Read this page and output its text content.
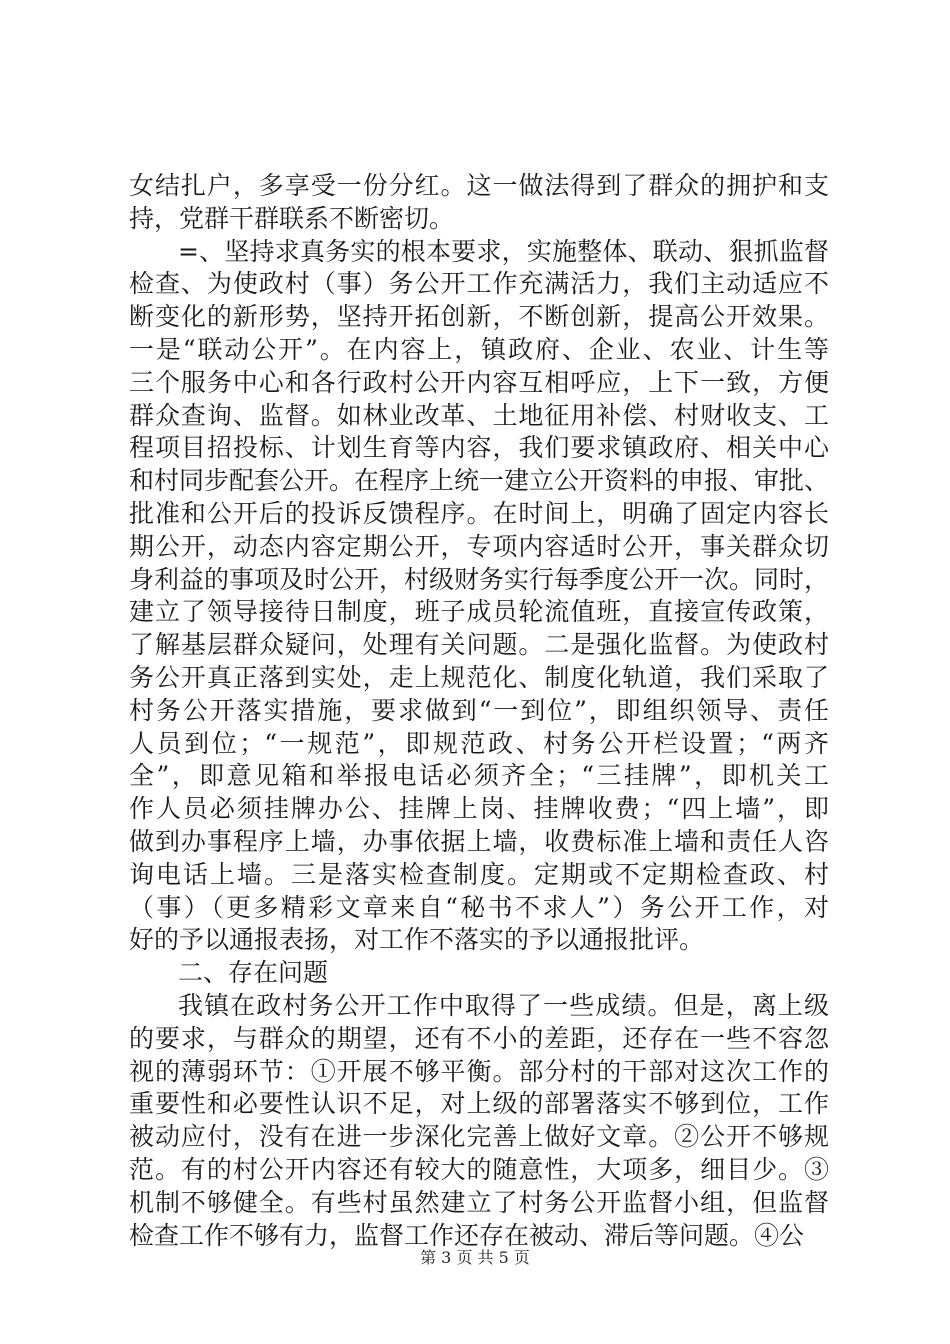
女结扎户，多享受一份分红。这一做法得到了群众的拥护和支
持，党群干群联系不断密切。
=、坚持求真务实的根本要求，实施整体、联动、狠抓监督
检查、为使政村（事）务公开工作充满活力，我们主动适应不
断变化的新形势，坚持开拓创新，不断创新，提高公开效果。
一是“联动公开”。在内容上，镇政府、企业、农业、计生等
三个服务中心和各行政村公开内容互相呼应，上下一致，方便
群众查询、监督。如林业改革、土地征用补偿、村财收支、工
程项目招投标、计划生育等内容，我们要求镇政府、相关中心
和村同步配套公开。在程序上统一建立公开资料的申报、审批、
批准和公开后的投诉反馈程序。在时间上，明确了固定内容长
期公开，动态内容定期公开，专项内容适时公开，事关群众切
身利益的事项及时公开，村级财务实行每季度公开一次。同时，
建立了领导接待日制度，班子成员轮流值班，直接宣传政策，
了解基层群众疑问，处理有关问题。二是强化监督。为使政村
务公开真正落到实处，走上规范化、制度化轨道，我们采取了
村务公开落实措施，要求做到“一到位”，即组织领导、责任
人员到位；“一规范”，即规范政、村务公开栏设置；“两齐
全”，即意见箱和举报电话必须齐全；“三挂牌”，即机关工
作人员必须挂牌办公、挂牌上岗、挂牌收费；“四上墙”，即
做到办事程序上墙，办事依据上墙，收费标准上墙和责任人咨
询电话上墙。三是落实检查制度。定期或不定期检查政、村
（事）（更多精彩文章来自“秘书不求人”）务公开工作，对
好的予以通报表扬，对工作不落实的予以通报批评。
二、存在问题
我镇在政村务公开工作中取得了一些成绩。但是，离上级
的要求，与群众的期望，还有不小的差距，还存在一些不容忽
视的薄弱环节：①开展不够平衡。部分村的干部对这次工作的
重要性和必要性认识不足，对上级的部署落实不够到位，工作
被动应付，没有在进一步深化完善上做好文章。②公开不够规
范。有的村公开内容还有较大的随意性，大项多，细目少。③
机制不够健全。有些村虽然建立了村务公开监督小组，但监督
检查工作不够有力，监督工作还存在被动、滞后等问题。④公
第 3 页 共 5 页
